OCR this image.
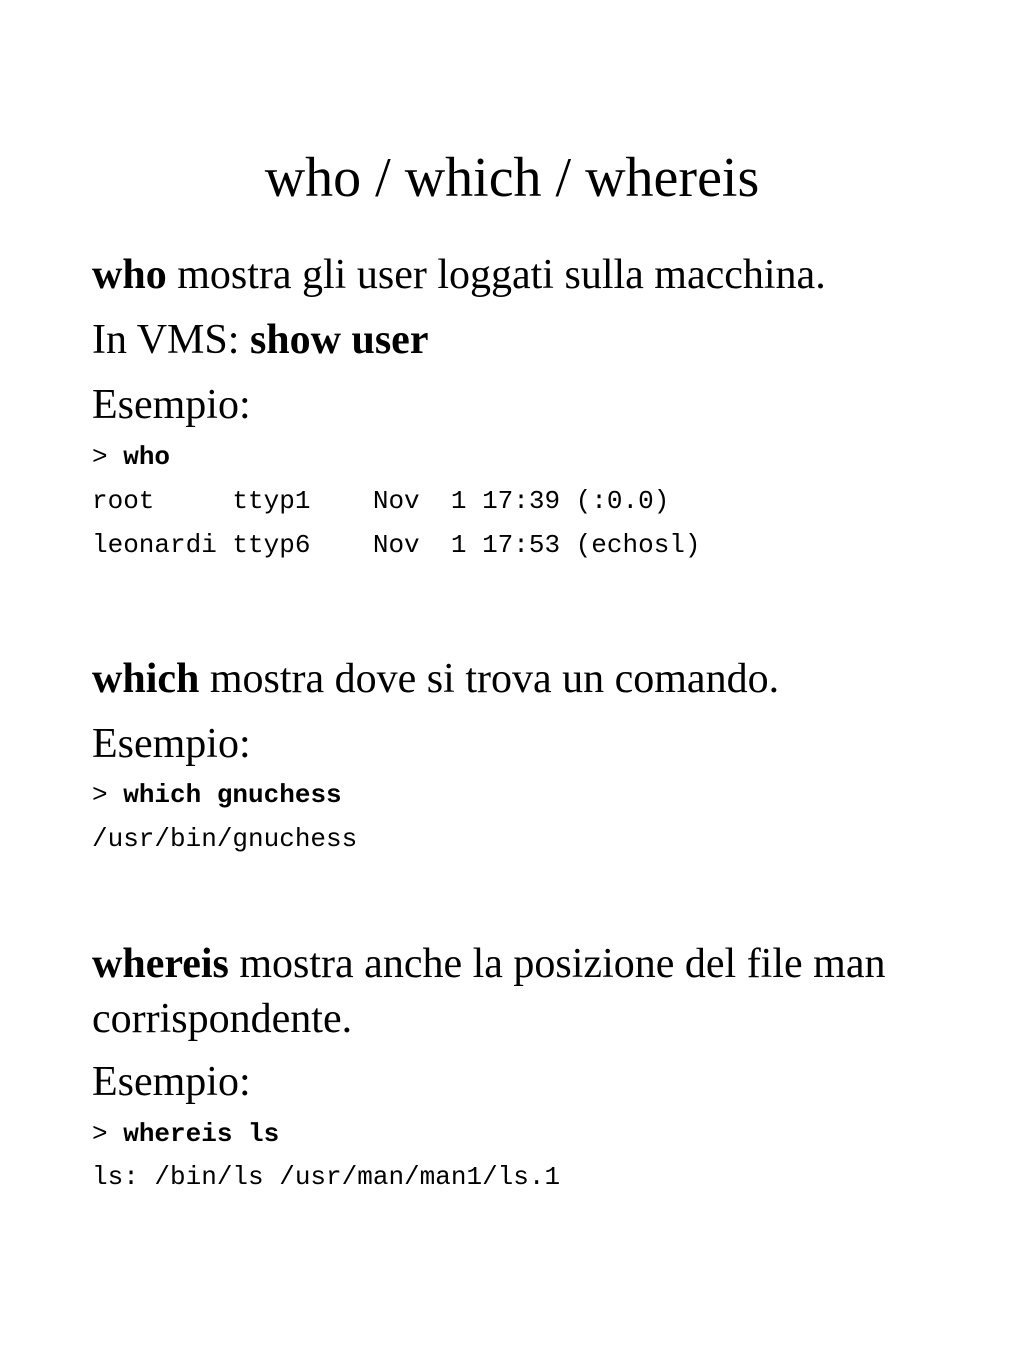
who / which / whereis

who mostra gli user loggati sulla macchina.

In VMS: show user

Esempio:

> who
root     ttyp1    Nov  1 17:39 (:0.0)
leonardi ttyp6    Nov  1 17:53 (echosl)

which mostra dove si trova un comando.

Esempio:

> which gnuchess
/usr/bin/gnuchess

whereis mostra anche la posizione del file man corrispondente.

Esempio:

> whereis ls
ls: /bin/ls /usr/man/man1/ls.1
